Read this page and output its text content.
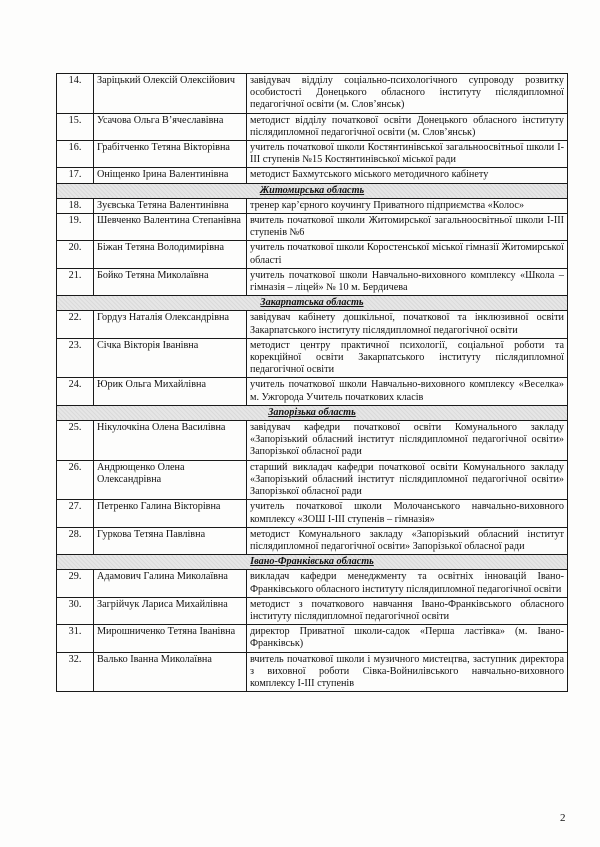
14.	Заріцький Олексій Олексійович	завідувач відділу соціально-психологічного супроводу розвитку особистості Донецького обласного інституту післядипломної педагогічної освіти (м. Слов’янськ)
15.	Усачова Ольга В’ячеславівна	методист відділу початкової освіти Донецького обласного інституту післядипломної педагогічної освіти (м. Слов’янськ)
16.	Грабітченко Тетяна Вікторівна	учитель початкової школи Костянтинівської загальноосвітньої школи І-ІІІ ступенів №15 Костянтинівської міської ради
17.	Оніщенко Ірина Валентинівна	методист Бахмутського міського методичного кабінету
Житомирська область		
18.	Зуєвська Тетяна Валентинівна	тренер кар’єрного коучингу Приватного підприємства «Колос»
19.	Шевченко Валентина Степанівна	вчитель початкової школи Житомирської загальноосвітньої школи І-ІІІ ступенів №6
20.	Біжан Тетяна Володимирівна	учитель початкової школи Коростенської міської гімназії Житомирської області
21.	Бойко Тетяна Миколаївна	учитель початкової школи Навчально-виховного комплексу «Школа –гімназія – ліцей» № 10 м. Бердичева
Закарпатська область		
22.	Гордуз Наталія Олександрівна	завідувач кабінету дошкільної, початкової та інклюзивної освіти Закарпатського інституту післядипломної педагогічної освіти
23.	Січка Вікторія Іванівна	методист центру практичної психології, соціальної роботи та корекційної освіти Закарпатського інституту післядипломної педагогічної освіти
24.	Юрик Ольга Михайлівна	учитель початкової школи Навчально-виховного комплексу «Веселка» м. Ужгорода Учитель початкових класів
Запорізька область		
25.	Нікулочкіна Олена Василівна	завідувач кафедри початкової освіти Комунального закладу «Запорізький обласний інститут післядипломної педагогічної освіти» Запорізької обласної ради
26.	Андрющенко Олена Олександрівна	старший викладач кафедри початкової освіти Комунального закладу «Запорізький обласний інститут післядипломної педагогічної освіти» Запорізької обласної ради
27.	Петренко Галина Вікторівна	учитель початкової школи Молочанського навчально-виховного комплексу «ЗОШ І-ІІІ ступенів – гімназія»
28.	Гуркова Тетяна Павлівна	методист Комунального закладу «Запорізький обласний інститут післядипломної педагогічної освіти» Запорізької обласної ради
Івано-Франківська область		
29.	Адамович Галина Миколаївна	викладач кафедри менеджменту та освітніх інновацій Івано-Франківського обласного інституту післядипломної педагогічної освіти
30.	Загрійчук Лариса Михайлівна	методист з початкового навчання Івано-Франківського обласного інституту післядипломної педагогічної освіти
31.	Мирошниченко Тетяна Іванівна	директор Приватної школи-садок «Перша ластівка» (м. Івано-Франківськ)
32.	Валько Іванна Миколаївна	вчитель початкової школи і музичного мистецтва, заступник директора з виховної роботи Сівка-Войнилівського навчально-виховного комплексу І-ІІІ ступенів
2
